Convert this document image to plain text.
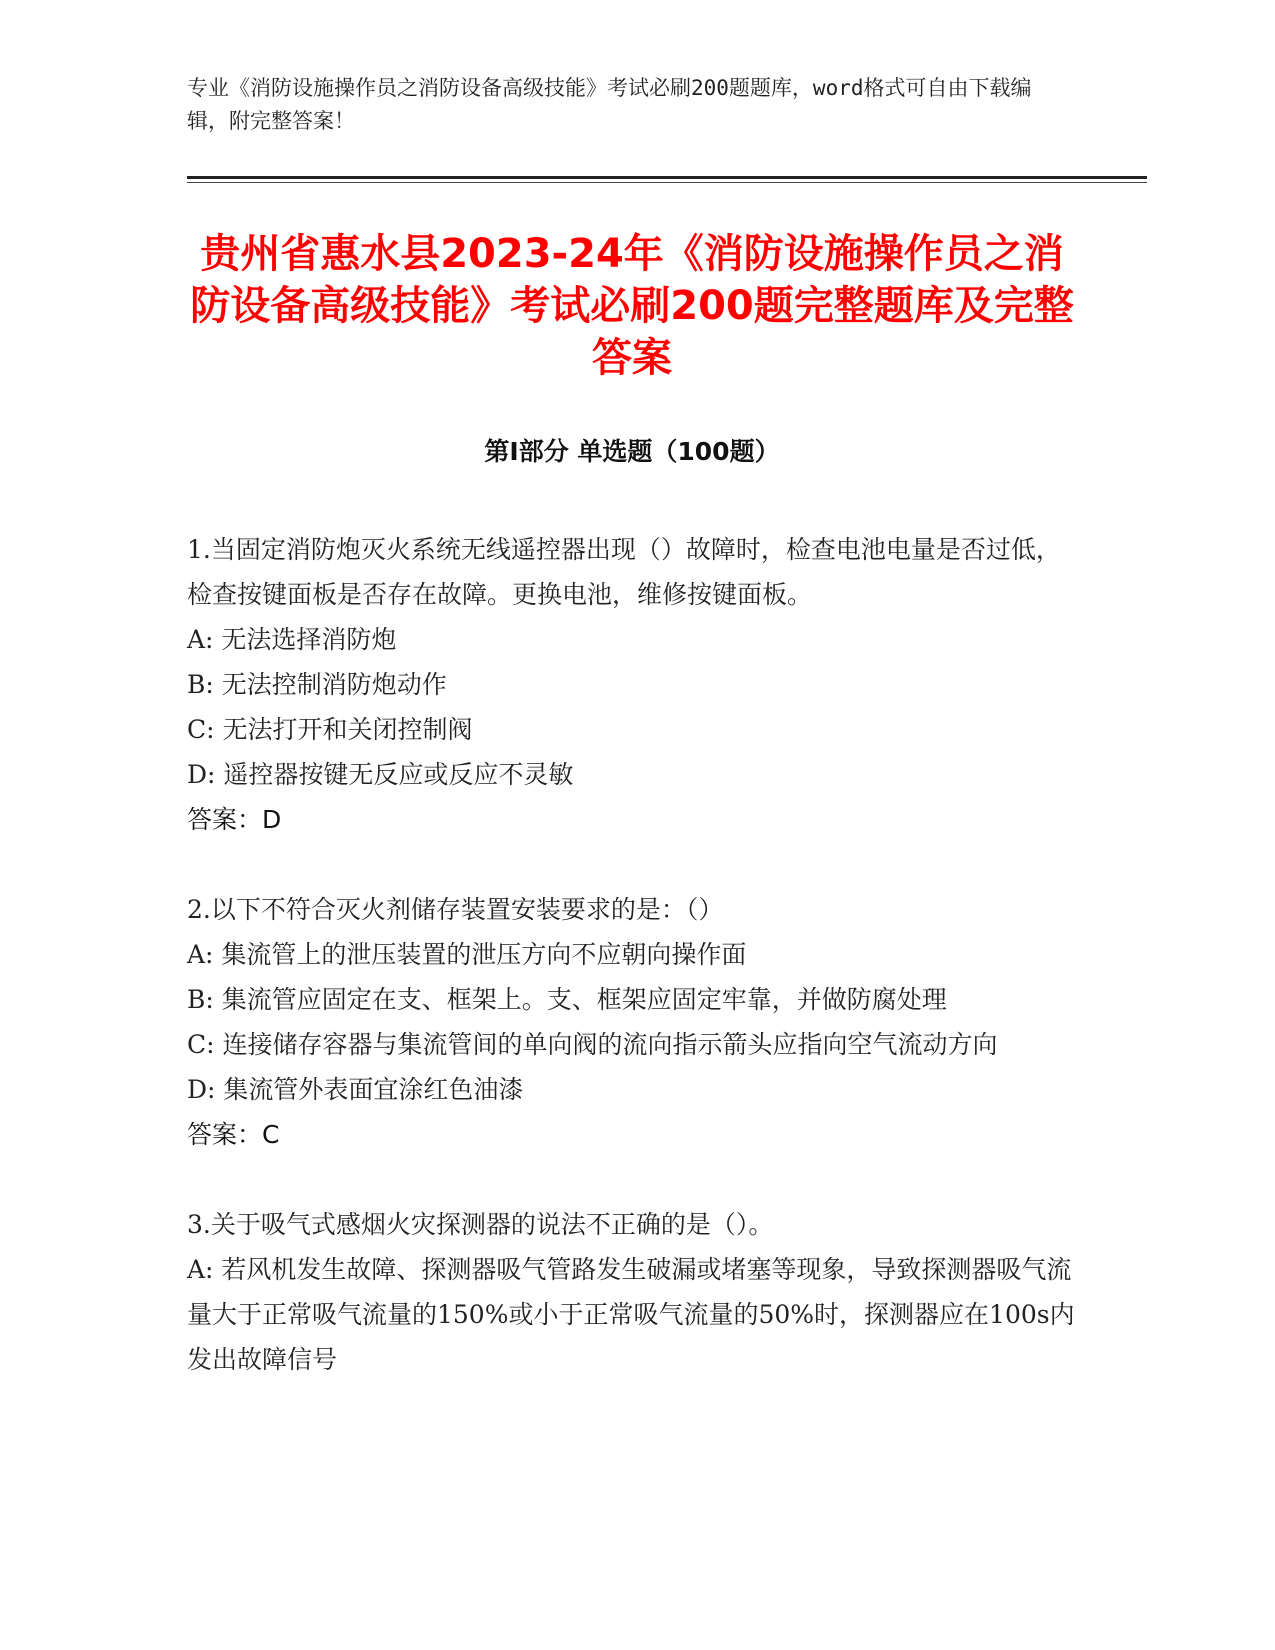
专业《消防设施操作员之消防设备高级技能》考试必刷200题题库，word格式可自由下载编辑，附完整答案！
贵州省惠水县2023-24年《消防设施操作员之消防设备高级技能》考试必刷200题完整题库及完整答案
第Ⅰ部分 单选题（100题）

1.当固定消防炮灭火系统无线遥控器出现（）故障时，检查电池电量是否过低，检查按键面板是否存在故障。更换电池，维修按键面板。

A: 无法选择消防炮

B: 无法控制消防炮动作

C: 无法打开和关闭控制阀

D: 遥控器按键无反应或反应不灵敏

答案：D

2.以下不符合灭火剂储存装置安装要求的是：（）

A: 集流管上的泄压装置的泄压方向不应朝向操作面

B: 集流管应固定在支、框架上。支、框架应固定牢靠，并做防腐处理

C: 连接储存容器与集流管间的单向阀的流向指示箭头应指向空气流动方向

D: 集流管外表面宜涂红色油漆

答案：C

3.关于吸气式感烟火灾探测器的说法不正确的是（）。

A: 若风机发生故障、探测器吸气管路发生破漏或堵塞等现象，导致探测器吸气流量大于正常吸气流量的150%或小于正常吸气流量的50%时，探测器应在100s内发出故障信号
